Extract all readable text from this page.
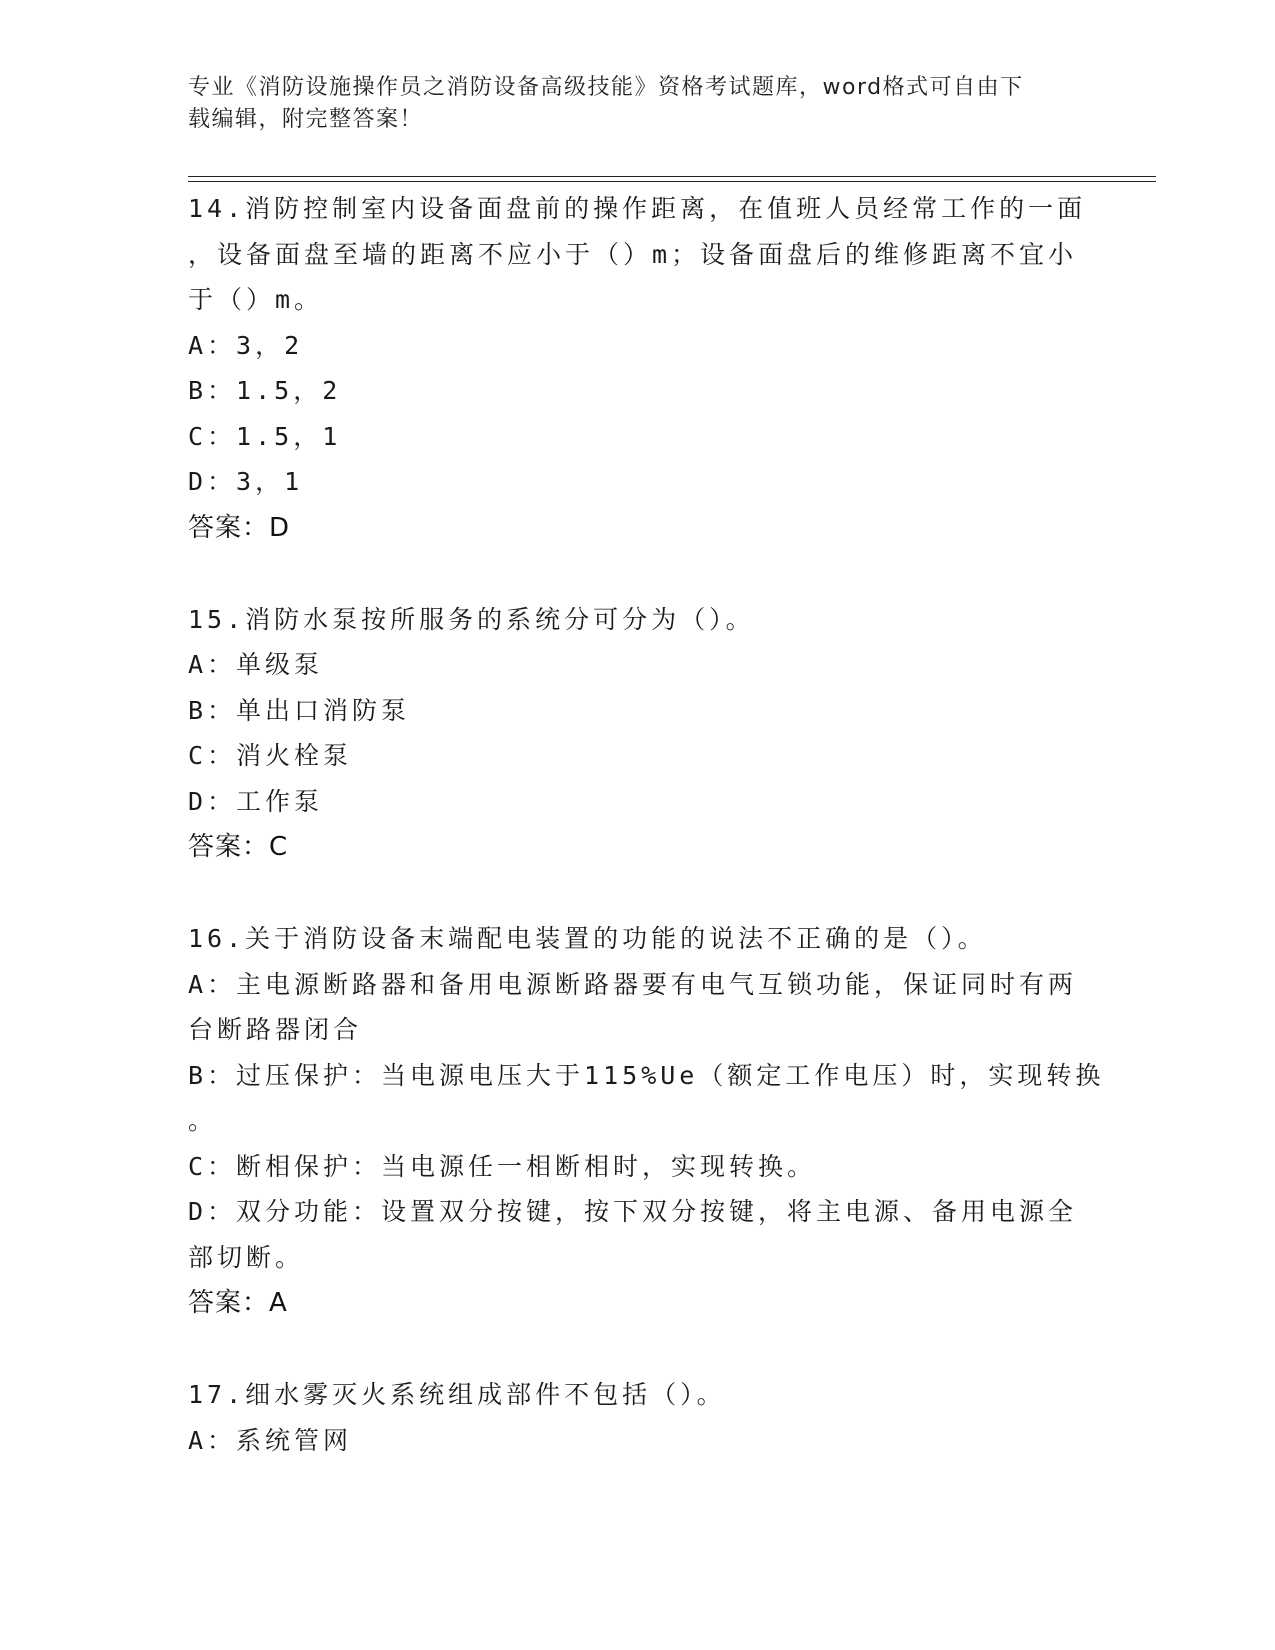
专业《消防设施操作员之消防设备高级技能》资格考试题库，word格式可自由下
载编辑，附完整答案！
14.消防控制室内设备面盘前的操作距离，在值班人员经常工作的一面
，设备面盘至墙的距离不应小于（）m；设备面盘后的维修距离不宜小
于（）m。
A：3，2
B：1.5，2
C：1.5，1
D：3，1
答案：D
15.消防水泵按所服务的系统分可分为（）。
A：单级泵
B：单出口消防泵
C：消火栓泵
D：工作泵
答案：C
16.关于消防设备末端配电装置的功能的说法不正确的是（）。
A：主电源断路器和备用电源断路器要有电气互锁功能，保证同时有两
台断路器闭合
B：过压保护：当电源电压大于115%Ue（额定工作电压）时，实现转换
。
C：断相保护：当电源任一相断相时，实现转换。
D：双分功能：设置双分按键，按下双分按键，将主电源、备用电源全
部切断。
答案：A
17.细水雾灭火系统组成部件不包括（）。
A：系统管网
